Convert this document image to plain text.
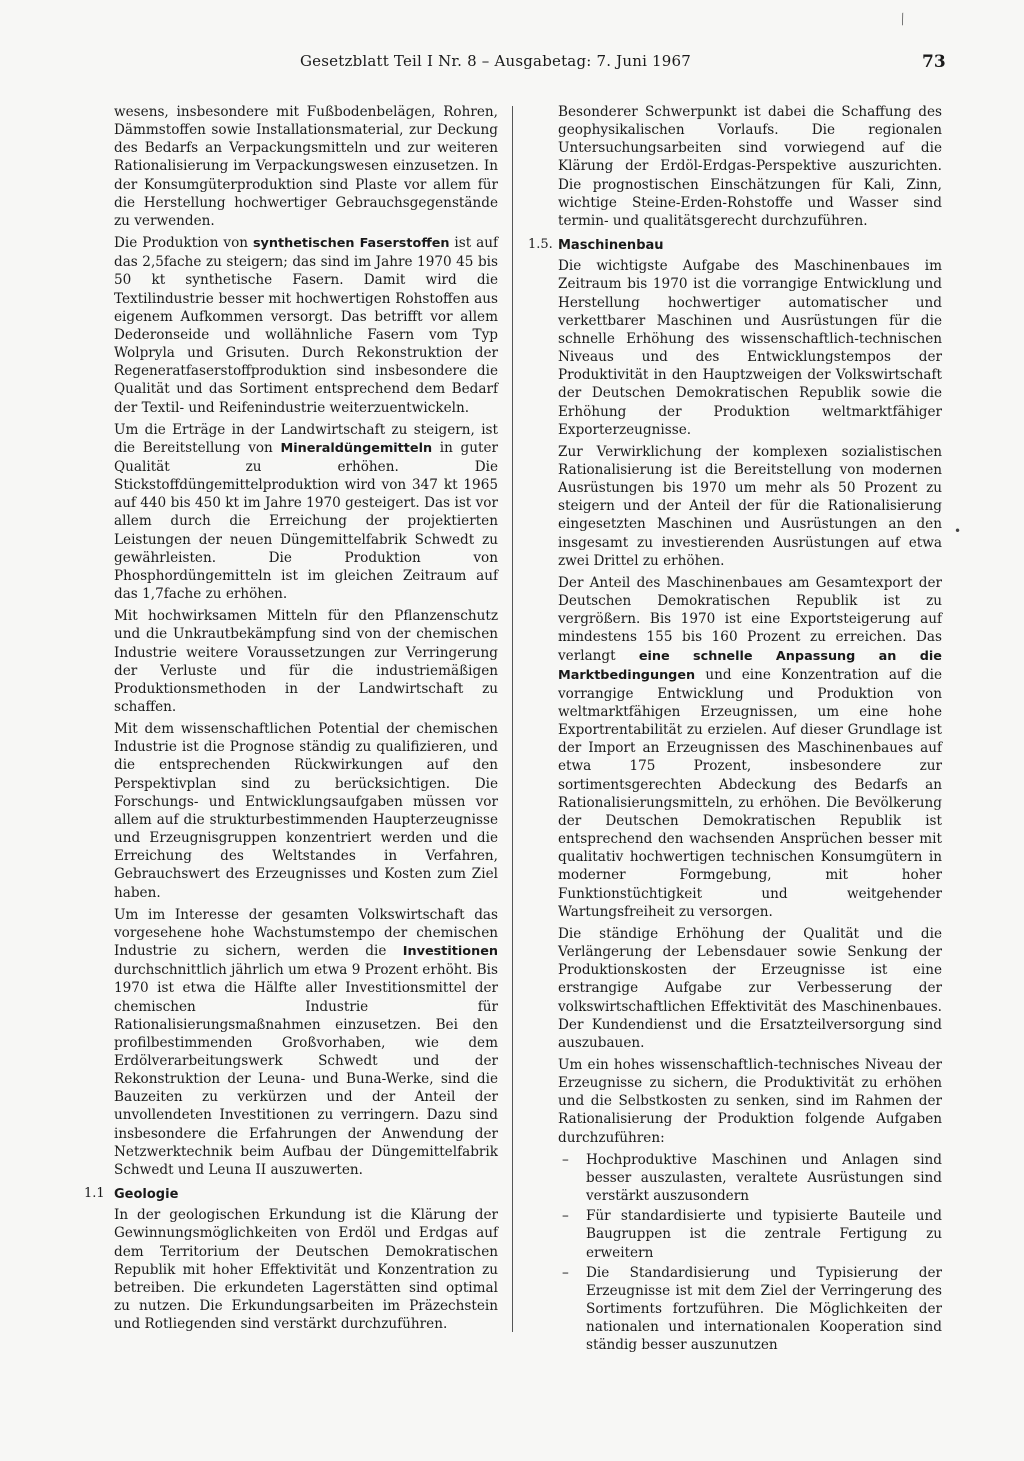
⁄
Gesetzblatt Teil I Nr. 8 – Ausgabetag: 7. Juni 1967	73

wesens, insbesondere mit Fußbodenbelägen, Rohren, Dämmstoffen sowie Installationsmaterial, zur Deckung des Bedarfs an Verpackungsmitteln und zur weiteren Rationalisierung im Verpackungswesen einzusetzen. In der Konsumgüterproduktion sind Plaste vor allem für die Herstellung hochwertiger Gebrauchsgegenstände zu verwenden.

Die Produktion von synthetischen Faserstoffen ist auf das 2,5fache zu steigern; das sind im Jahre 1970 45 bis 50 kt synthetische Fasern. Damit wird die Textilindustrie besser mit hochwertigen Rohstoffen aus eigenem Aufkommen versorgt. Das betrifft vor allem Dederonseide und wollähnliche Fasern vom Typ Wolpryla und Grisuten. Durch Rekonstruktion der Regeneratfaserstoffproduktion sind insbesondere die Qualität und das Sortiment entsprechend dem Bedarf der Textil- und Reifenindustrie weiterzuentwickeln.

Um die Erträge in der Landwirtschaft zu steigern, ist die Bereitstellung von Mineraldüngemitteln in guter Qualität zu erhöhen. Die Stickstoffdüngemittelproduktion wird von 347 kt 1965 auf 440 bis 450 kt im Jahre 1970 gesteigert. Das ist vor allem durch die Erreichung der projektierten Leistungen der neuen Düngemittelfabrik Schwedt zu gewährleisten. Die Produktion von Phosphordüngemitteln ist im gleichen Zeitraum auf das 1,7fache zu erhöhen.

Mit hochwirksamen Mitteln für den Pflanzenschutz und die Unkrautbekämpfung sind von der chemischen Industrie weitere Voraussetzungen zur Verringerung der Verluste und für die industriemäßigen Produktionsmethoden in der Landwirtschaft zu schaffen.

Mit dem wissenschaftlichen Potential der chemischen Industrie ist die Prognose ständig zu qualifizieren, und die entsprechenden Rückwirkungen auf den Perspektivplan sind zu berücksichtigen. Die Forschungs- und Entwicklungsaufgaben müssen vor allem auf die strukturbestimmenden Haupterzeugnisse und Erzeugnisgruppen konzentriert werden und die Erreichung des Weltstandes in Verfahren, Gebrauchswert des Erzeugnisses und Kosten zum Ziel haben.

Um im Interesse der gesamten Volkswirtschaft das vorgesehene hohe Wachstumstempo der chemischen Industrie zu sichern, werden die Investitionen durchschnittlich jährlich um etwa 9 Prozent erhöht. Bis 1970 ist etwa die Hälfte aller Investitionsmittel der chemischen Industrie für Rationalisierungsmaßnahmen einzusetzen. Bei den profilbestimmenden Großvorhaben, wie dem Erdölverarbeitungswerk Schwedt und der Rekonstruktion der Leuna- und Buna-Werke, sind die Bauzeiten zu verkürzen und der Anteil der unvollendeten Investitionen zu verringern. Dazu sind insbesondere die Erfahrungen der Anwendung der Netzwerktechnik beim Aufbau der Düngemittelfabrik Schwedt und Leuna II auszuwerten.

1.1 Geologie

In der geologischen Erkundung ist die Klärung der Gewinnungsmöglichkeiten von Erdöl und Erdgas auf dem Territorium der Deutschen Demokratischen Republik mit hoher Effektivität und Konzentration zu betreiben. Die erkundeten Lagerstätten sind optimal zu nutzen. Die Erkundungsarbeiten im Präzechstein und Rotliegenden sind verstärkt durchzuführen.

Besonderer Schwerpunkt ist dabei die Schaffung des geophysikalischen Vorlaufs. Die regionalen Untersuchungsarbeiten sind vorwiegend auf die Klärung der Erdöl-Erdgas-Perspektive auszurichten. Die prognostischen Einschätzungen für Kali, Zinn, wichtige Steine-Erden-Rohstoffe und Wasser sind termin- und qualitätsgerecht durchzuführen.

1.5. Maschinenbau

Die wichtigste Aufgabe des Maschinenbaues im Zeitraum bis 1970 ist die vorrangige Entwicklung und Herstellung hochwertiger automatischer und verkettbarer Maschinen und Ausrüstungen für die schnelle Erhöhung des wissenschaftlich-technischen Niveaus und des Entwicklungstempos der Produktivität in den Hauptzweigen der Volkswirtschaft der Deutschen Demokratischen Republik sowie die Erhöhung der Produktion weltmarktfähiger Exporterzeugnisse.

Zur Verwirklichung der komplexen sozialistischen Rationalisierung ist die Bereitstellung von modernen Ausrüstungen bis 1970 um mehr als 50 Prozent zu steigern und der Anteil der für die Rationalisierung eingesetzten Maschinen und Ausrüstungen an den insgesamt zu investierenden Ausrüstungen auf etwa zwei Drittel zu erhöhen.

Der Anteil des Maschinenbaues am Gesamtexport der Deutschen Demokratischen Republik ist zu vergrößern. Bis 1970 ist eine Exportsteigerung auf mindestens 155 bis 160 Prozent zu erreichen. Das verlangt eine schnelle Anpassung an die Marktbedingungen und eine Konzentration auf die vorrangige Entwicklung und Produktion von weltmarktfähigen Erzeugnissen, um eine hohe Exportrentabilität zu erzielen. Auf dieser Grundlage ist der Import an Erzeugnissen des Maschinenbaues auf etwa 175 Prozent, insbesondere zur sortimentsgerechten Abdeckung des Bedarfs an Rationalisierungsmitteln, zu erhöhen. Die Bevölkerung der Deutschen Demokratischen Republik ist entsprechend den wachsenden Ansprüchen besser mit qualitativ hochwertigen technischen Konsumgütern in moderner Formgebung, mit hoher Funktionstüchtigkeit und weitgehender Wartungsfreiheit zu versorgen.

Die ständige Erhöhung der Qualität und die Verlängerung der Lebensdauer sowie Senkung der Produktionskosten der Erzeugnisse ist eine erstrangige Aufgabe zur Verbesserung der volkswirtschaftlichen Effektivität des Maschinenbaues. Der Kundendienst und die Ersatzteilversorgung sind auszubauen.

Um ein hohes wissenschaftlich-technisches Niveau der Erzeugnisse zu sichern, die Produktivität zu erhöhen und die Selbstkosten zu senken, sind im Rahmen der Rationalisierung der Produktion folgende Aufgaben durchzuführen:

– Hochproduktive Maschinen und Anlagen sind besser auszulasten, veraltete Ausrüstungen sind verstärkt auszusondern
– Für standardisierte und typisierte Bauteile und Baugruppen ist die zentrale Fertigung zu erweitern
– Die Standardisierung und Typisierung der Erzeugnisse ist mit dem Ziel der Verringerung des Sortiments fortzuführen. Die Möglichkeiten der nationalen und internationalen Kooperation sind ständig besser auszunutzen
•
